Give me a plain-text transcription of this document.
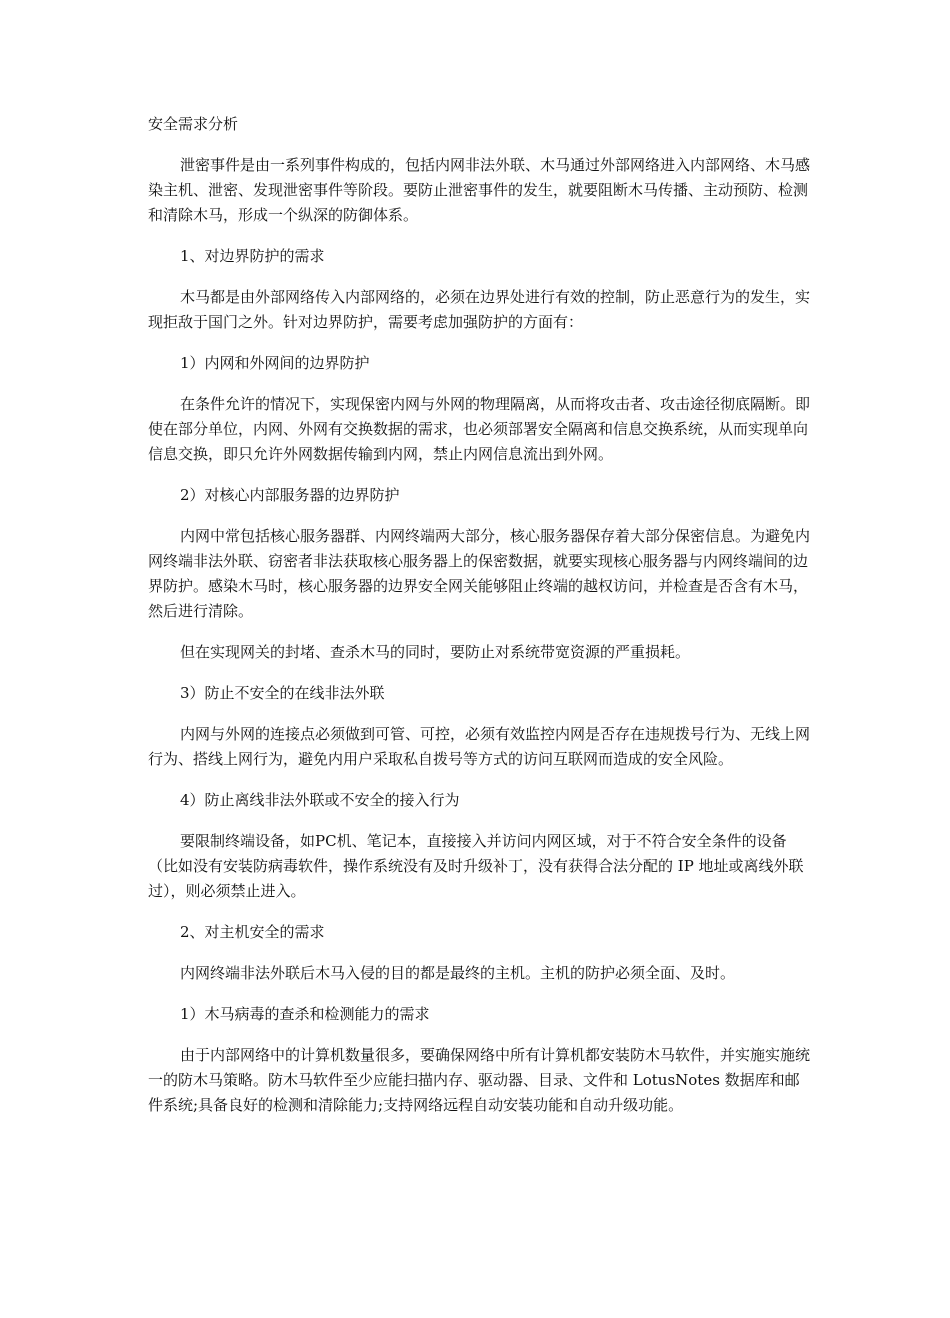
安全需求分析
泄密事件是由一系列事件构成的，包括内网非法外联、木马通过外部网络进入内部网络、木马感染主机、泄密、发现泄密事件等阶段。要防止泄密事件的发生，就要阻断木马传播、主动预防、检测和清除木马，形成一个纵深的防御体系。
1、对边界防护的需求
木马都是由外部网络传入内部网络的，必须在边界处进行有效的控制，防止恶意行为的发生，实现拒敌于国门之外。针对边界防护，需要考虑加强防护的方面有：
1）内网和外网间的边界防护
在条件允许的情况下，实现保密内网与外网的物理隔离，从而将攻击者、攻击途径彻底隔断。即使在部分单位，内网、外网有交换数据的需求，也必须部署安全隔离和信息交换系统，从而实现单向信息交换，即只允许外网数据传输到内网，禁止内网信息流出到外网。
2）对核心内部服务器的边界防护
内网中常包括核心服务器群、内网终端两大部分，核心服务器保存着大部分保密信息。为避免内网终端非法外联、窃密者非法获取核心服务器上的保密数据，就要实现核心服务器与内网终端间的边界防护。感染木马时，核心服务器的边界安全网关能够阻止终端的越权访问，并检查是否含有木马，然后进行清除。
但在实现网关的封堵、查杀木马的同时，要防止对系统带宽资源的严重损耗。
3）防止不安全的在线非法外联
内网与外网的连接点必须做到可管、可控，必须有效监控内网是否存在违规拨号行为、无线上网行为、搭线上网行为，避免内用户采取私自拨号等方式的访问互联网而造成的安全风险。
4）防止离线非法外联或不安全的接入行为
要限制终端设备，如PC机、笔记本，直接接入并访问内网区域，对于不符合安全条件的设备（比如没有安装防病毒软件，操作系统没有及时升级补丁，没有获得合法分配的 IP 地址或离线外联过），则必须禁止进入。
2、对主机安全的需求
内网终端非法外联后木马入侵的目的都是最终的主机。主机的防护必须全面、及时。
1）木马病毒的查杀和检测能力的需求
由于内部网络中的计算机数量很多，要确保网络中所有计算机都安装防木马软件，并实施实施统一的防木马策略。防木马软件至少应能扫描内存、驱动器、目录、文件和 LotusNotes 数据库和邮件系统;具备良好的检测和清除能力;支持网络远程自动安装功能和自动升级功能。
